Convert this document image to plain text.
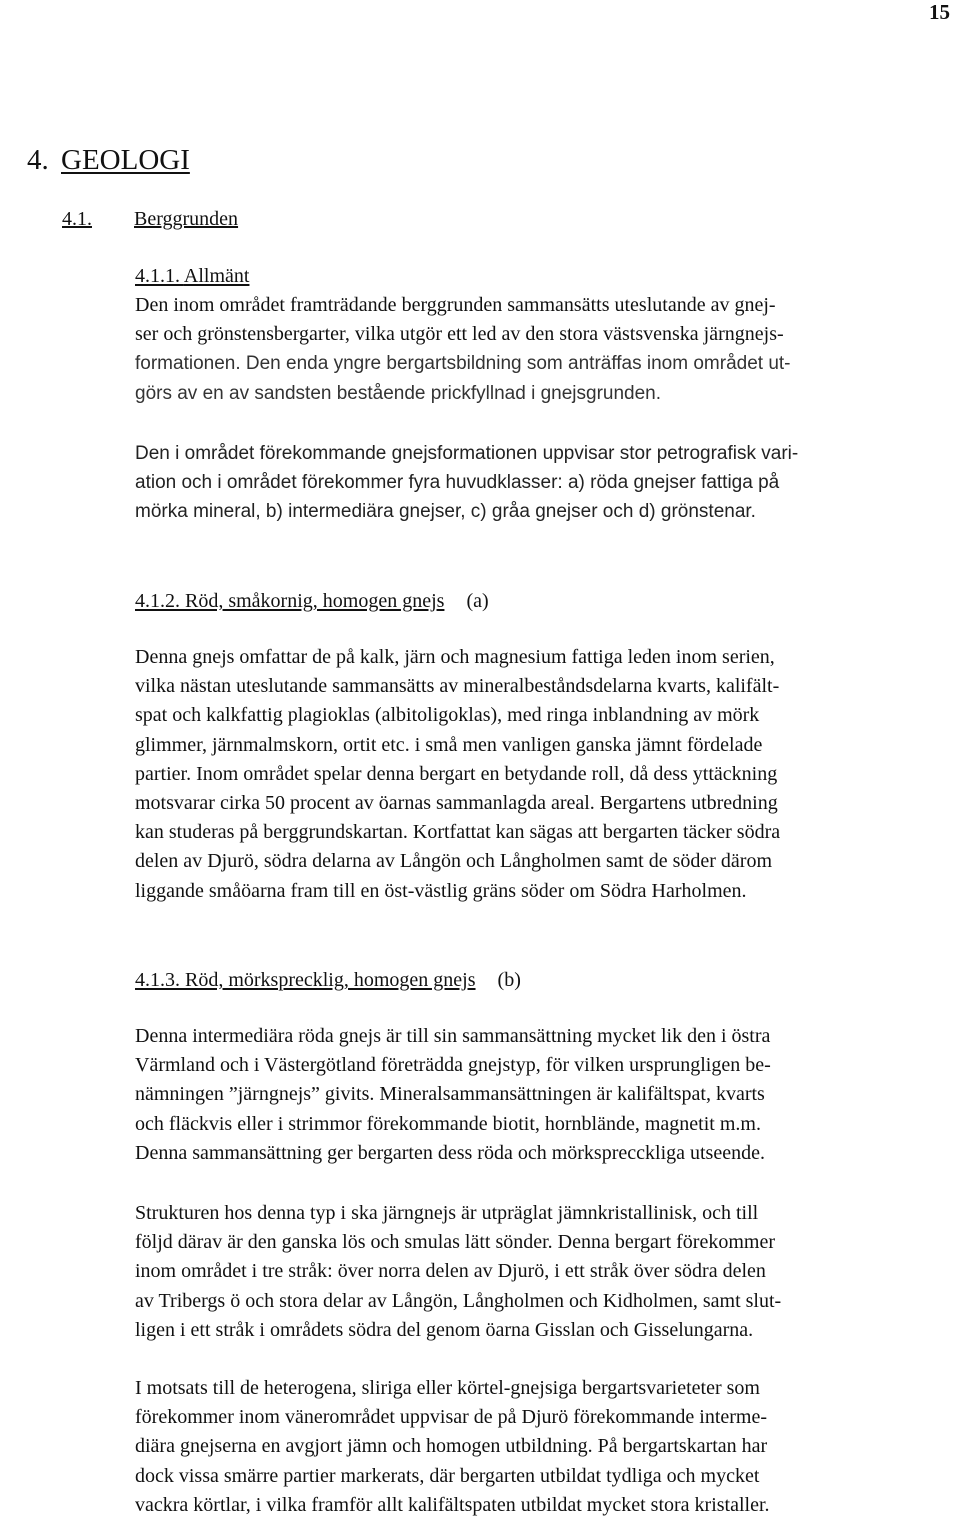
15
4. GEOLOGI
4.1. Berggrunden
4.1.1. Allmänt

Den inom området framträdande berggrunden sammansätts uteslutande av gnej-
ser och grönstensbergarter, vilka utgör ett led av den stora västsvenska järngnejs-
formationen. Den enda yngre bergartsbildning som anträffas inom området ut-
görs av en av sandsten bestående prickfyllnad i gnejsgrunden.

Den i området förekommande gnejsformationen uppvisar stor petrografisk vari-
ation och i området förekommer fyra huvudklasser: a) röda gnejser fattiga på
mörka mineral, b) intermediära gnejser, c) gråa gnejser och d) grönstenar.

4.1.2. Röd, småkornig, homogen gnejs (a)

Denna gnejs omfattar de på kalk, järn och magnesium fattiga leden inom serien,
vilka nästan uteslutande sammansätts av mineralbeståndsdelarna kvarts, kalifält-
spat och kalkfattig plagioklas (albitoligoklas), med ringa inblandning av mörk
glimmer, järnmalmskorn, ortit etc. i små men vanligen ganska jämnt fördelade
partier. Inom området spelar denna bergart en betydande roll, då dess yttäckning
motsvarar cirka 50 procent av öarnas sammanlagda areal. Bergartens utbredning
kan studeras på berggrundskartan. Kortfattat kan sägas att bergarten täcker södra
delen av Djurö, södra delarna av Långön och Långholmen samt de söder därom
liggande småöarna fram till en öst-västlig gräns söder om Södra Harholmen.

4.1.3. Röd, mörksprecklig, homogen gnejs (b)

Denna intermediära röda gnejs är till sin sammansättning mycket lik den i östra
Värmland och i Västergötland företrädda gnejstyp, för vilken ursprungligen be-
nämningen ”järngnejs” givits. Mineralsammansättningen är kalifältspat, kvarts
och fläckvis eller i strimmor förekommande biotit, hornblände, magnetit m.m.
Denna sammansättning ger bergarten dess röda och mörksprecckliga utseende.

Strukturen hos denna typ i ska järngnejs är utpräglat jämnkristallinisk, och till
följd därav är den ganska lös och smulas lätt sönder. Denna bergart förekommer
inom området i tre stråk: över norra delen av Djurö, i ett stråk över södra delen
av Tribergs ö och stora delar av Långön, Långholmen och Kidholmen, samt slut-
ligen i ett stråk i områdets södra del genom öarna Gisslan och Gisselungarna.

I motsats till de heterogena, sliriga eller körtel-gnejsiga bergartsvarieteter som
förekommer inom vänerområdet uppvisar de på Djurö förekommande interme-
diära gnejserna en avgjort jämn och homogen utbildning. På bergartskartan har
dock vissa smärre partier markerats, där bergarten utbildat tydliga och mycket
vackra körtlar, i vilka framför allt kalifältspaten utbildat mycket stora kristaller.
